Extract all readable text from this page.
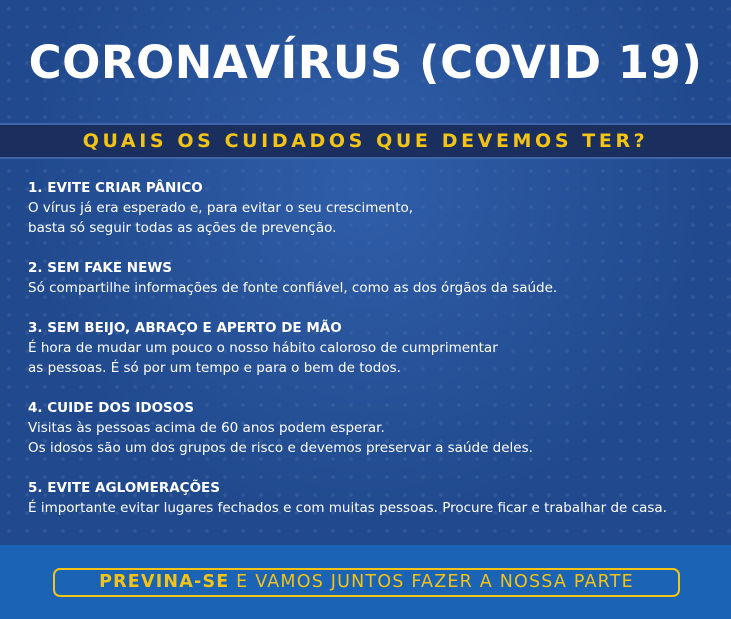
CORONAVÍRUS (COVID 19)
QUAIS OS CUIDADOS QUE DEVEMOS TER?
1. EVITE CRIAR PÂNICO
O vírus já era esperado e, para evitar o seu crescimento,
basta só seguir todas as ações de prevenção.
2. SEM FAKE NEWS
Só compartilhe informações de fonte confiável, como as dos órgãos da saúde.
3. SEM BEIJO, ABRAÇO E APERTO DE MÃO
É hora de mudar um pouco o nosso hábito caloroso de cumprimentar
as pessoas. É só por um tempo e para o bem de todos.
4. CUIDE DOS IDOSOS
Visitas às pessoas acima de 60 anos podem esperar.
Os idosos são um dos grupos de risco e devemos preservar a saúde deles.
5. EVITE AGLOMERAÇÕES
É importante evitar lugares fechados e com muitas pessoas. Procure ficar e trabalhar de casa.
PREVINA-SE E VAMOS JUNTOS FAZER A NOSSA PARTE
